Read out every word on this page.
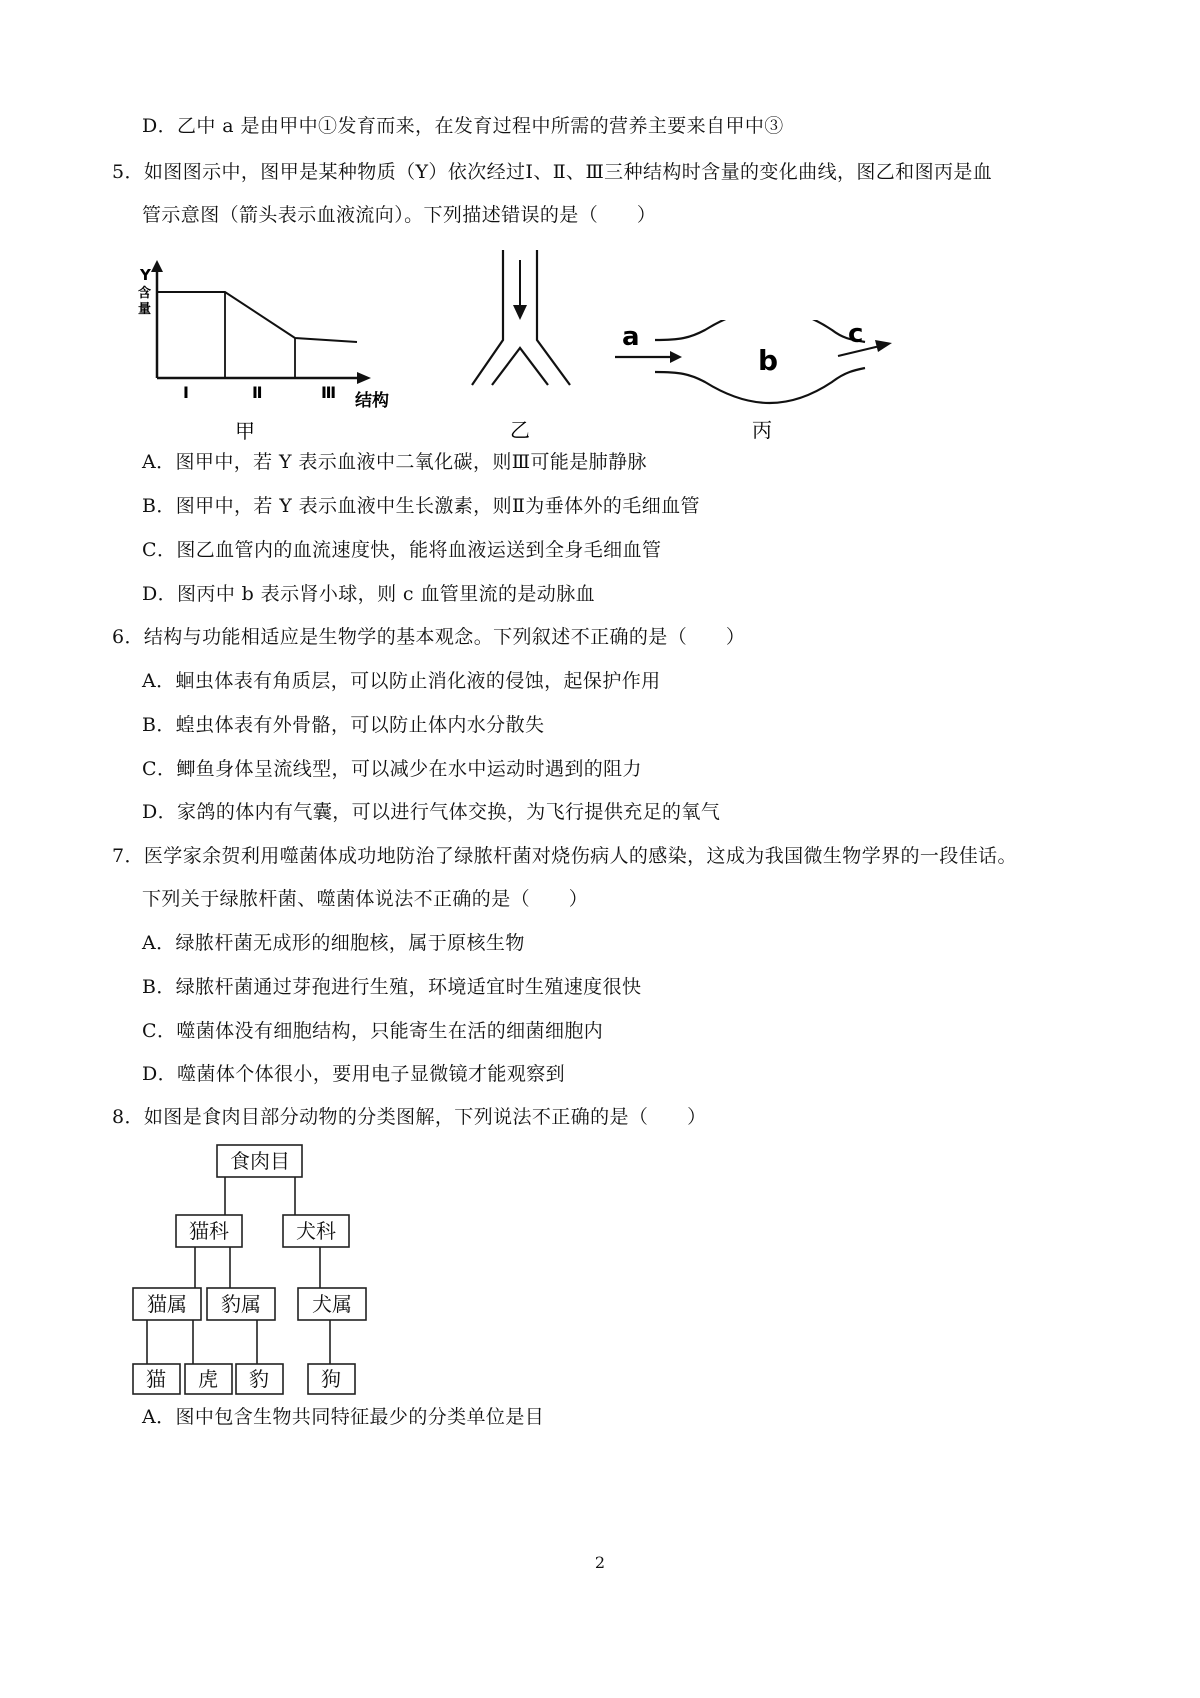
D．乙中 a 是由甲中①发育而来，在发育过程中所需的营养主要来自甲中③
5．如图图示中，图甲是某种物质（Y）依次经过Ⅰ、Ⅱ、Ⅲ三种结构时含量的变化曲线，图乙和图丙是血
管示意图（箭头表示血液流向）。下列描述错误的是（　　）
Y
含
量
Ⅰ	Ⅱ	Ⅲ 结构
甲	乙
a
b
c
丙
A．图甲中，若 Y 表示血液中二氧化碳，则Ⅲ可能是肺静脉
B．图甲中，若 Y 表示血液中生长激素，则Ⅱ为垂体外的毛细血管
C．图乙血管内的血流速度快，能将血液运送到全身毛细血管
D．图丙中 b 表示肾小球，则 c 血管里流的是动脉血
6．结构与功能相适应是生物学的基本观念。下列叙述不正确的是（　　）
A．蛔虫体表有角质层，可以防止消化液的侵蚀，起保护作用
B．蝗虫体表有外骨骼，可以防止体内水分散失
C．鲫鱼身体呈流线型，可以减少在水中运动时遇到的阻力
D．家鸽的体内有气囊，可以进行气体交换，为飞行提供充足的氧气
7．医学家余贺利用噬菌体成功地防治了绿脓杆菌对烧伤病人的感染，这成为我国微生物学界的一段佳话。
下列关于绿脓杆菌、噬菌体说法不正确的是（　　）
A．绿脓杆菌无成形的细胞核，属于原核生物
B．绿脓杆菌通过芽孢进行生殖，环境适宜时生殖速度很快
C．噬菌体没有细胞结构，只能寄生在活的细菌细胞内
D．噬菌体个体很小，要用电子显微镜才能观察到
8．如图是食肉目部分动物的分类图解，下列说法不正确的是（　　）
食肉目
猫科	犬科
猫属 豹属	犬属
猫 虎 豹	狗
A．图中包含生物共同特征最少的分类单位是目
2
